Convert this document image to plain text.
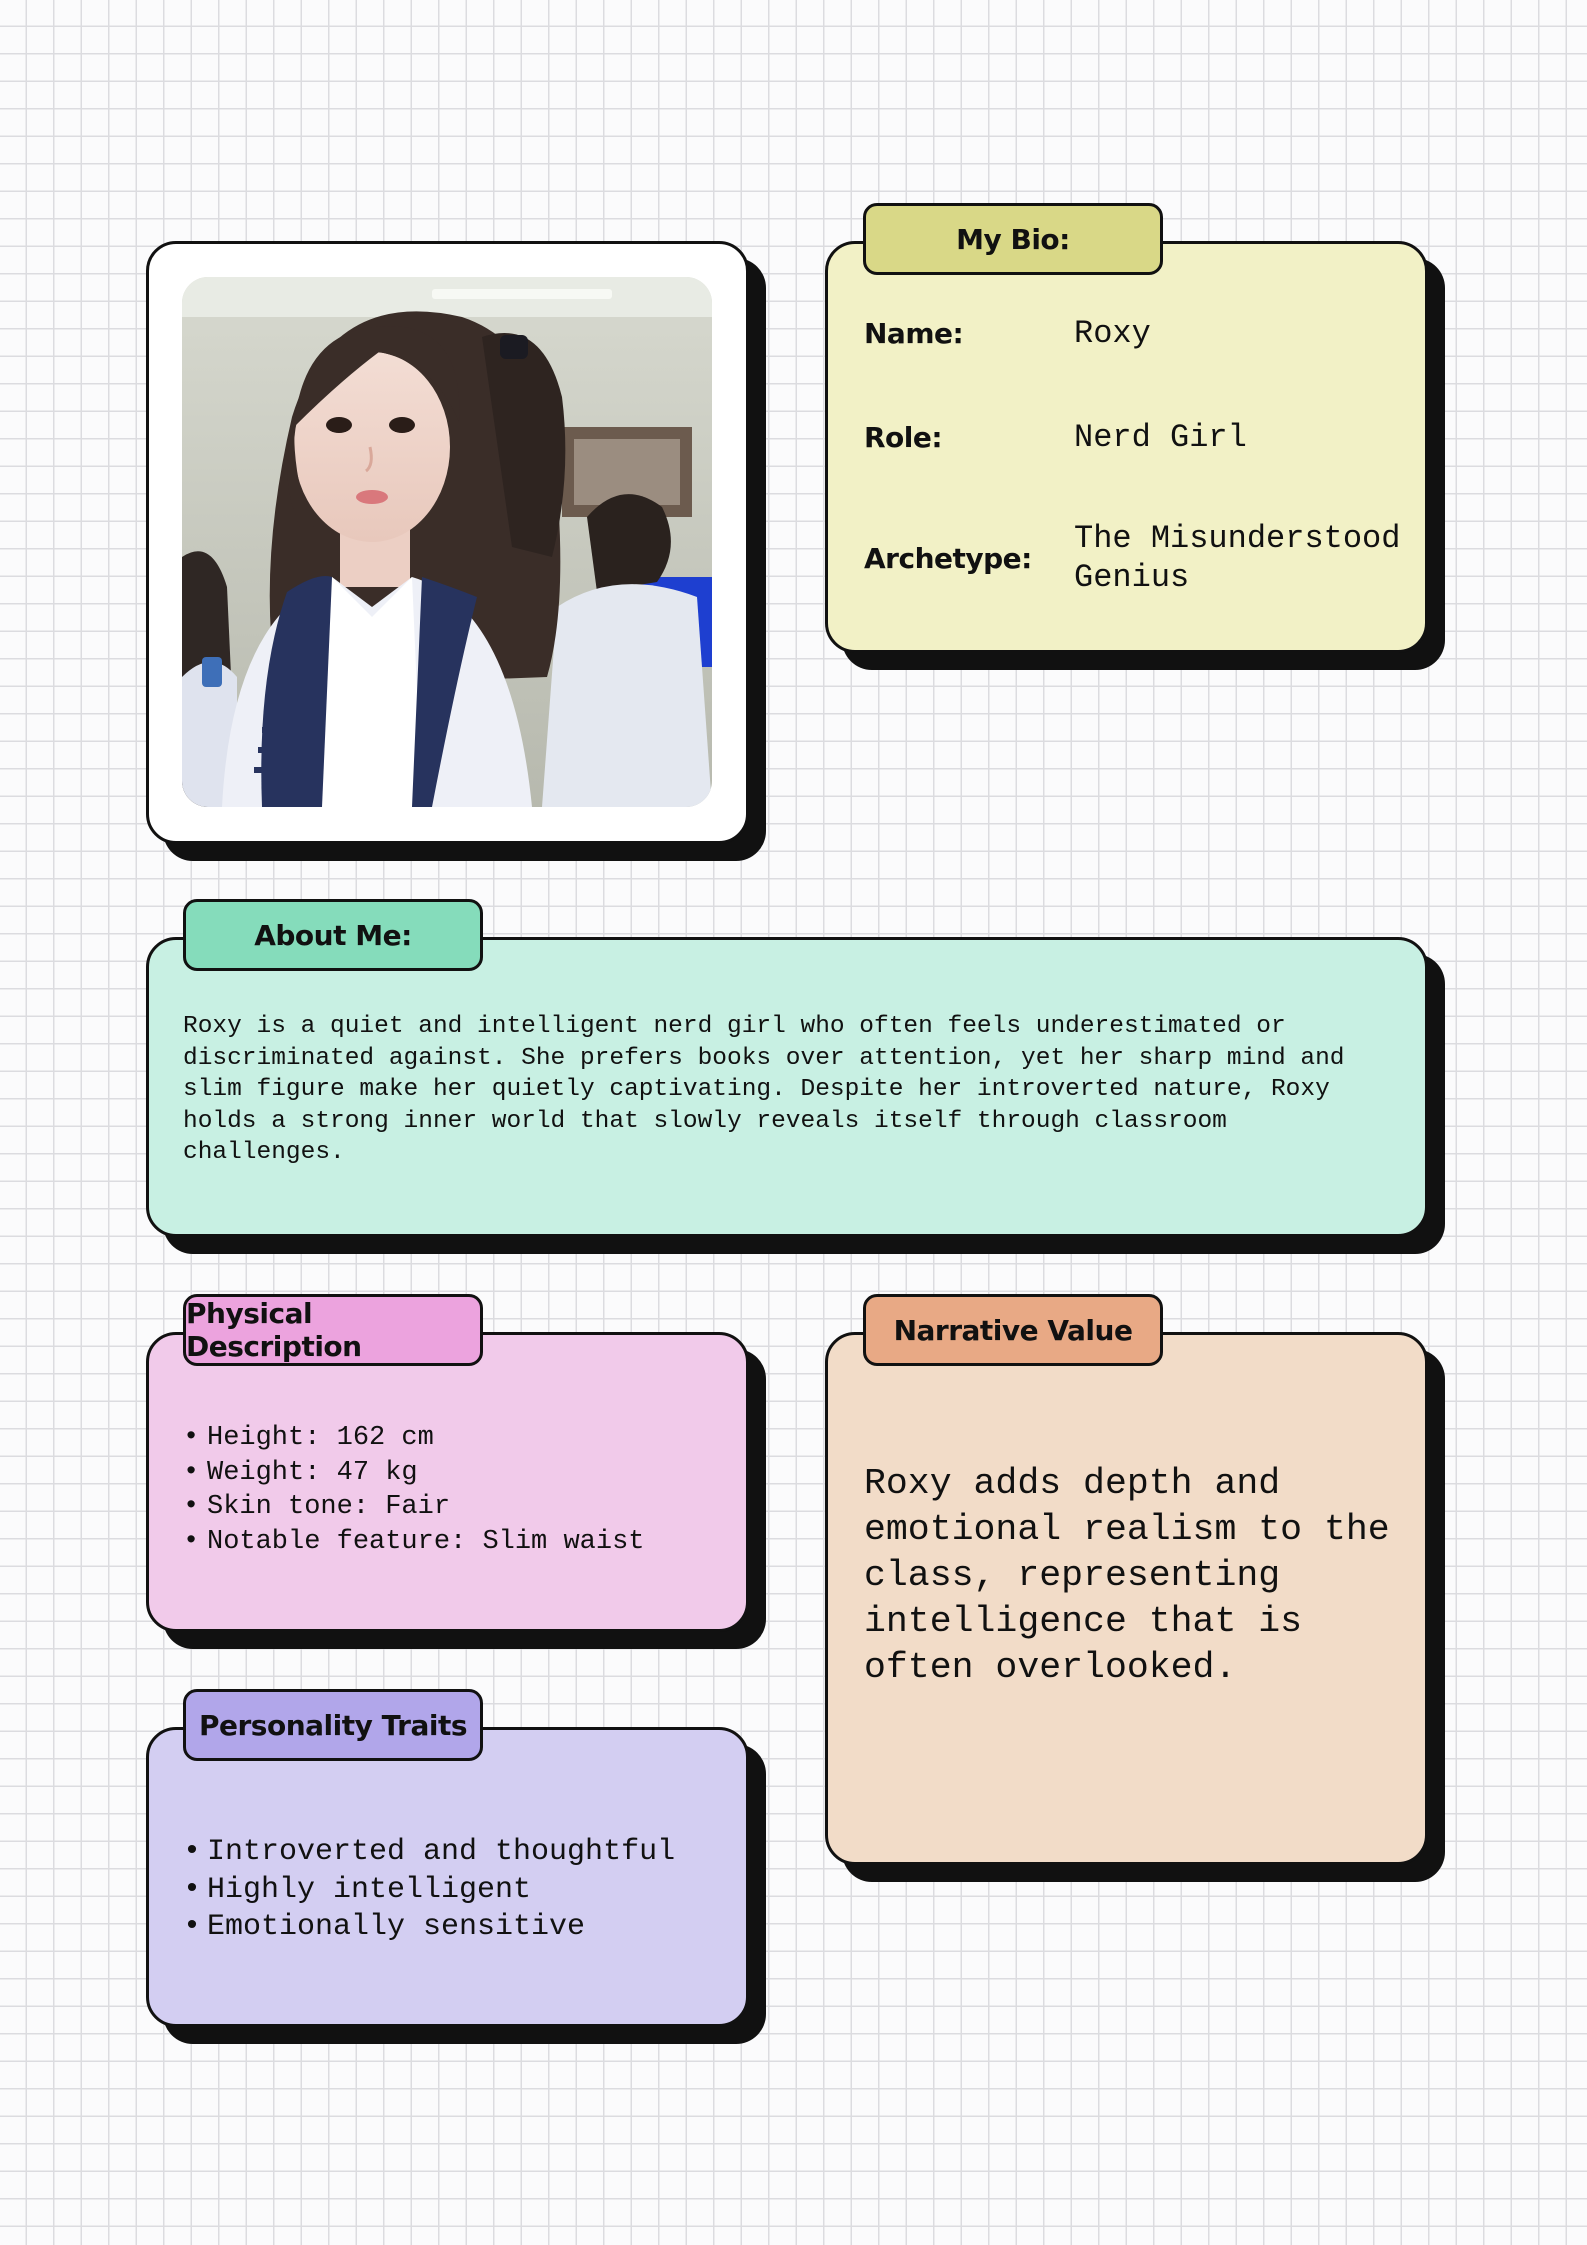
My Bio:
Name:	Roxy
Role:	Nerd Girl
Archetype:
The Misunderstood Genius
About Me:

Roxy is a quiet and intelligent nerd girl who often feels underestimated or discriminated against. She prefers books over attention, yet her sharp mind and slim figure make her quietly captivating. Despite her introverted nature, Roxy holds a strong inner world that slowly reveals itself through classroom challenges.

Physical Description
• Height: 162 cm
• Weight: 47 kg
• Skin tone: Fair
• Notable feature: Slim waist
Personality Traits
• Introverted and thoughtful
• Highly intelligent
• Emotionally sensitive
Narrative Value

Roxy adds depth and emotional realism to the class, representing intelligence that is often overlooked.
